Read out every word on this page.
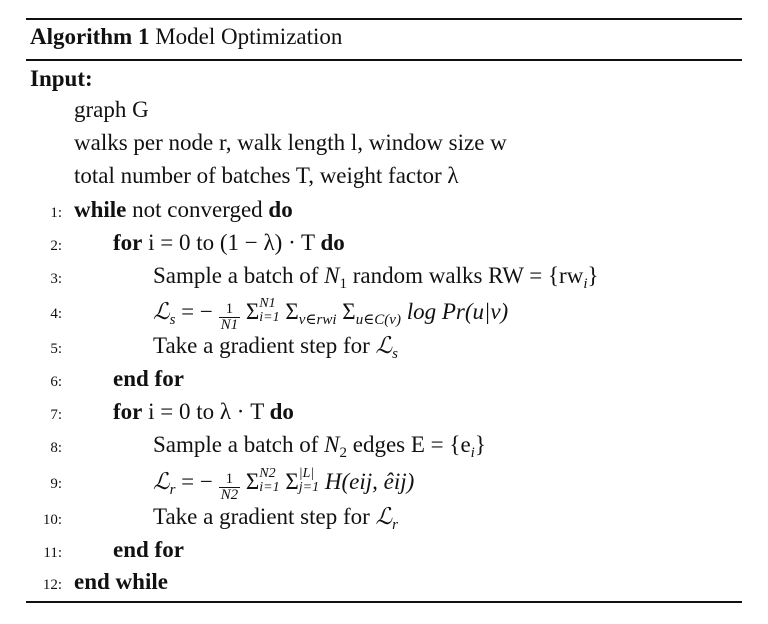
Algorithm 1 Model Optimization
Input:
graph G
walks per node r, walk length l, window size w
total number of batches T, weight factor λ
1: while not converged do
2: for i = 0 to (1 − λ) · T do
3:	Sample a batch of $N_1$ random walks RW = $\{rw_i\}$
4:	ℒ$_s$ = − $\frac{1}{N1}$ Σ N1
i=1 $\Sigma_{v\in rwi}$ $\Sigma_{u\in C(v)}$ log Pr(u|v)
5:	Take a gradient step for ℒ$_s$
6: end for
7: for i = 0 to λ · T do
8:	Sample a batch of $N_2$ edges $E = \{e_i\}$
9:	ℒ$_r$ = − $\frac{1}{N2}$ Σ N2
i=1 Σ |L|
j=1 H(eij, êij)
10:	Take a gradient step for ℒ$_r$
11: end for
12: end while
